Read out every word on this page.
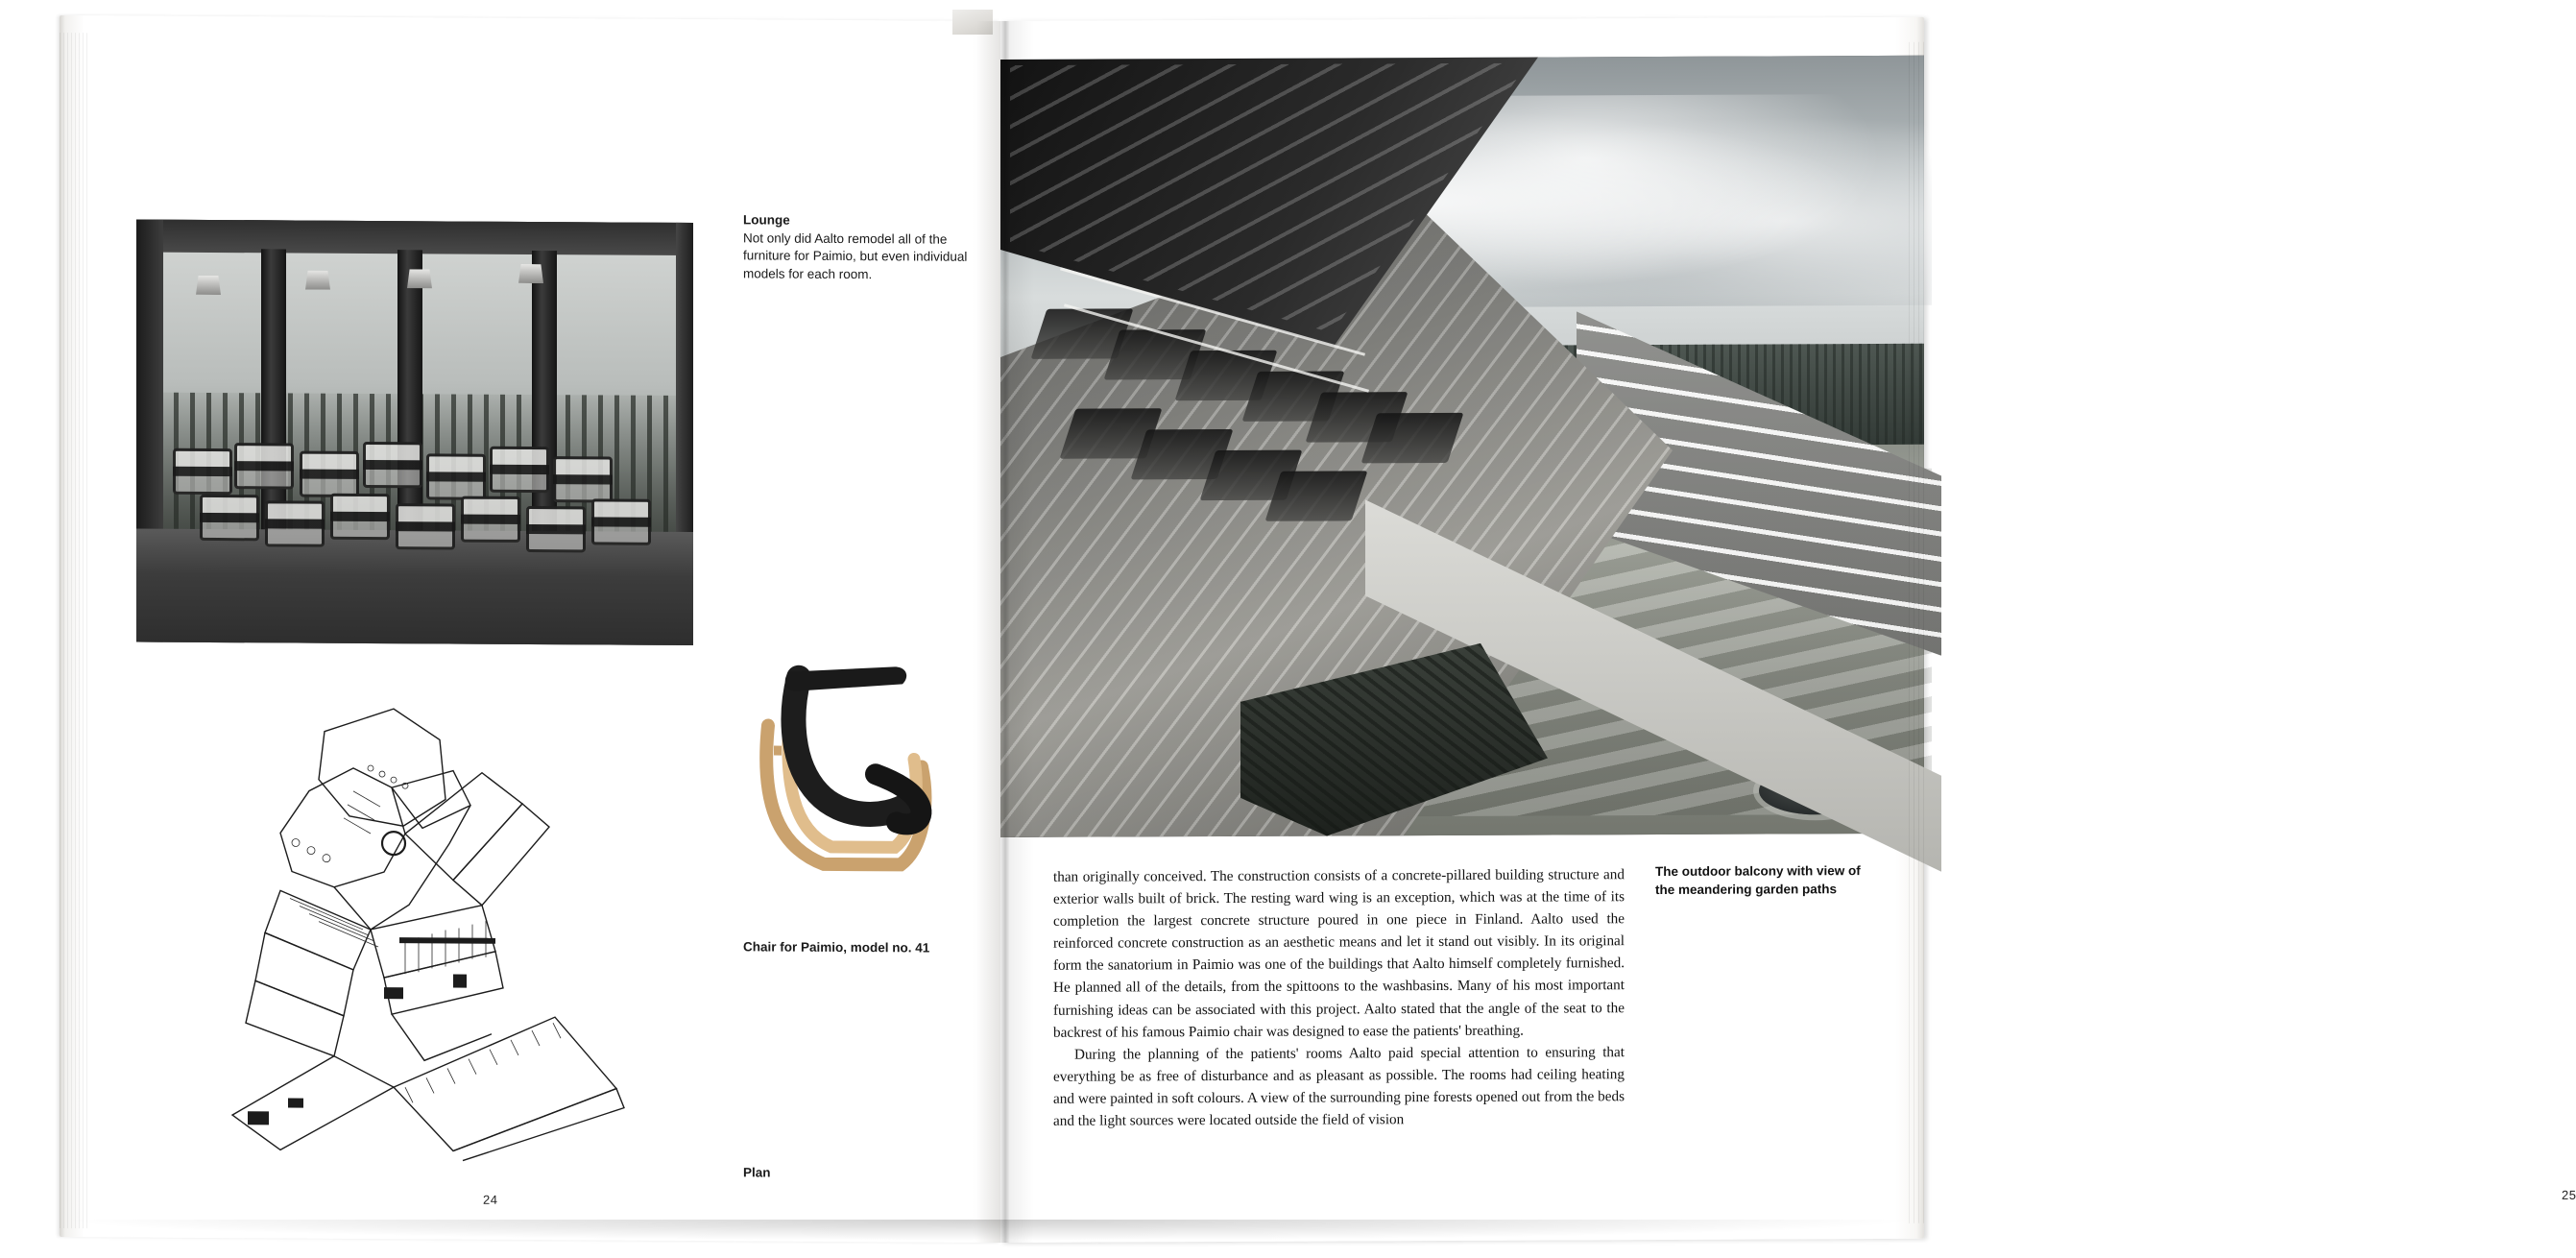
Lounge
Not only did Aalto remodel all of the furniture for Paimio, but even individual models for each room.
Chair for Paimio, model no. 41
Plan
24

than originally conceived. The construction consists of a concrete-pillared building structure and exterior walls built of brick. The resting ward wing is an exception, which was at the time of its completion the largest concrete structure poured in one piece in Finland. Aalto used the reinforced concrete construction as an aesthetic means and let it stand out visibly. In its original form the sanatorium in Paimio was one of the buildings that Aalto himself completely furnished. He planned all of the details, from the spittoons to the washbasins. Many of his most important furnishing ideas can be associated with this project. Aalto stated that the angle of the seat to the backrest of his famous Paimio chair was designed to ease the patients' breathing.

During the planning of the patients' rooms Aalto paid special attention to ensuring that everything be as free of disturbance and as pleasant as possible. The rooms had ceiling heating and were painted in soft colours. A view of the surrounding pine forests opened out from the beds and the light sources were located outside the field of vision

The outdoor balcony with view of the meandering garden paths
25
